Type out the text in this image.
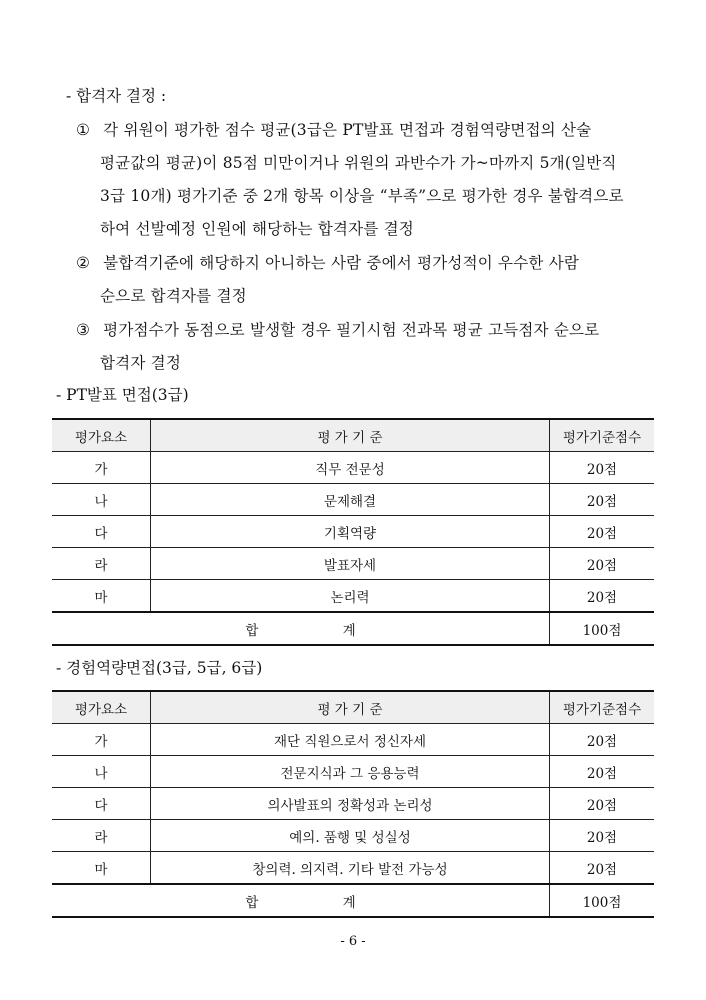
- 합격자 결정 :
① 각 위원이 평가한 점수 평균(3급은 PT발표 면접과 경험역량면접의 산술
평균값의 평균)이 85점 미만이거나 위원의 과반수가 가~마까지 5개(일반직
3급 10개) 평가기준 중 2개 항목 이상을 “부족”으로 평가한 경우 불합격으로
하여 선발예정 인원에 해당하는 합격자를 결정
② 불합격기준에 해당하지 아니하는 사람 중에서 평가성적이 우수한 사람
순으로 합격자를 결정
③ 평가점수가 동점으로 발생할 경우 필기시험 전과목 평균 고득점자 순으로
합격자 결정
- PT발표 면접(3급)
평가요소	평 가 기 준	평가기준점수
가	직무 전문성	20점
나	문제해결	20점
다	기획역량	20점
라	발표자세	20점
마	논리력	20점
합 계		100점
- 경험역량면접(3급, 5급, 6급)
평가요소	평 가 기 준	평가기준점수
가	재단 직원으로서 정신자세	20점
나	전문지식과 그 응용능력	20점
다	의사발표의 정확성과 논리성	20점
라	예의. 품행 및 성실성	20점
마	창의력. 의지력. 기타 발전 가능성	20점
합 계		100점
- 6 -
